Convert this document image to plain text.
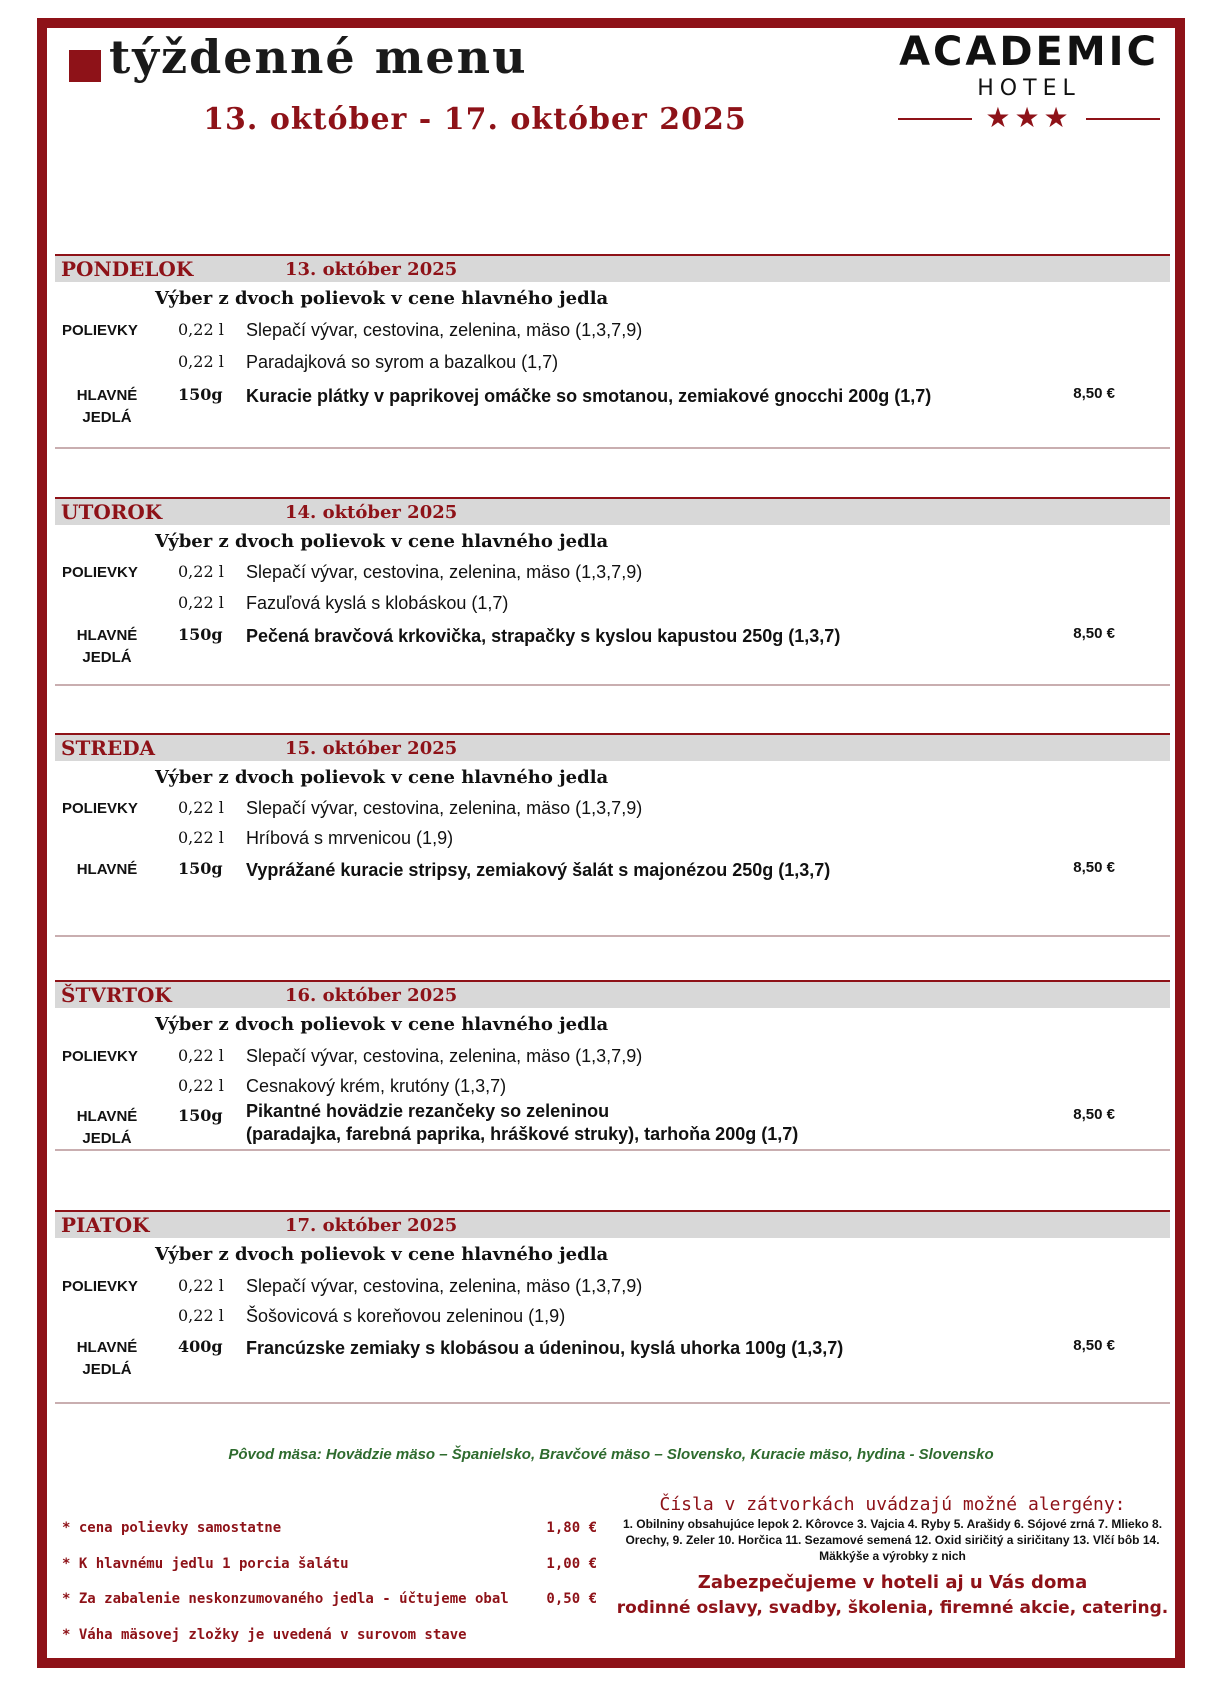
týždenné menu
13. október - 17. október 2025
ACADEMIC
HOTEL
★★★
PONDELOK	13. október 2025
Výber z dvoch polievok v cene hlavného jedla
POLIEVKY	0,22 l Slepačí vývar, cestovina, zelenina, mäso (1,3,7,9)
0,22 l Paradajková so syrom a bazalkou (1,7)
HLAVNÉ
JEDLÁ
150g Kuracie plátky v paprikovej omáčke so smotanou, zemiakové gnocchi 200g (1,7)	8,50 €
UTOROK	14. október 2025
Výber z dvoch polievok v cene hlavného jedla
POLIEVKY	0,22 l Slepačí vývar, cestovina, zelenina, mäso (1,3,7,9)
0,22 l Fazuľová kyslá s klobáskou (1,7)
HLAVNÉ
JEDLÁ
150g Pečená bravčová krkovička, strapačky s kyslou kapustou 250g (1,3,7)	8,50 €
STREDA	15. október 2025
Výber z dvoch polievok v cene hlavného jedla
POLIEVKY	0,22 l Slepačí vývar, cestovina, zelenina, mäso (1,3,7,9)
0,22 l Hríbová s mrvenicou (1,9)
HLAVNÉ	150g Vyprážané kuracie stripsy, zemiakový šalát s majonézou 250g (1,3,7)	8,50 €
ŠTVRTOK	16. október 2025
Výber z dvoch polievok v cene hlavného jedla
POLIEVKY	0,22 l Slepačí vývar, cestovina, zelenina, mäso (1,3,7,9)
0,22 l Cesnakový krém, krutóny (1,3,7)
HLAVNÉ
JEDLÁ
150g Pikantné hovädzie rezančeky so zeleninou
(paradajka, farebná paprika, hráškové struky), tarhoňa 200g (1,7)
8,50 €
PIATOK	17. október 2025
Výber z dvoch polievok v cene hlavného jedla
POLIEVKY	0,22 l Slepačí vývar, cestovina, zelenina, mäso (1,3,7,9)
0,22 l Šošovicová s koreňovou zeleninou (1,9)
HLAVNÉ
JEDLÁ
400g Francúzske zemiaky s klobásou a údeninou, kyslá uhorka 100g (1,3,7)	8,50 €
Pôvod mäsa: Hovädzie mäso – Španielsko, Bravčové mäso – Slovensko, Kuracie mäso, hydina - Slovensko
* cena polievky samostatne	1,80 €
* K hlavnému jedlu 1 porcia šalátu	1,00 €
* Za zabalenie neskonzumovaného jedla - účtujeme obal	0,50 €
* Váha mäsovej zložky je uvedená v surovom stave
Čísla v zátvorkách uvádzajú možné alergény:
1. Obilniny obsahujúce lepok 2. Kôrovce 3. Vajcia 4. Ryby 5. Arašidy 6. Sójové zrná 7. Mlieko 8. Orechy, 9. Zeler 10. Horčica 11. Sezamové semená 12. Oxid siričitý a siričitany 13. Vlčí bôb 14. Mäkkýše a výrobky z nich
Zabezpečujeme v hoteli aj u Vás doma
rodinné oslavy, svadby, školenia, firemné akcie, catering.
